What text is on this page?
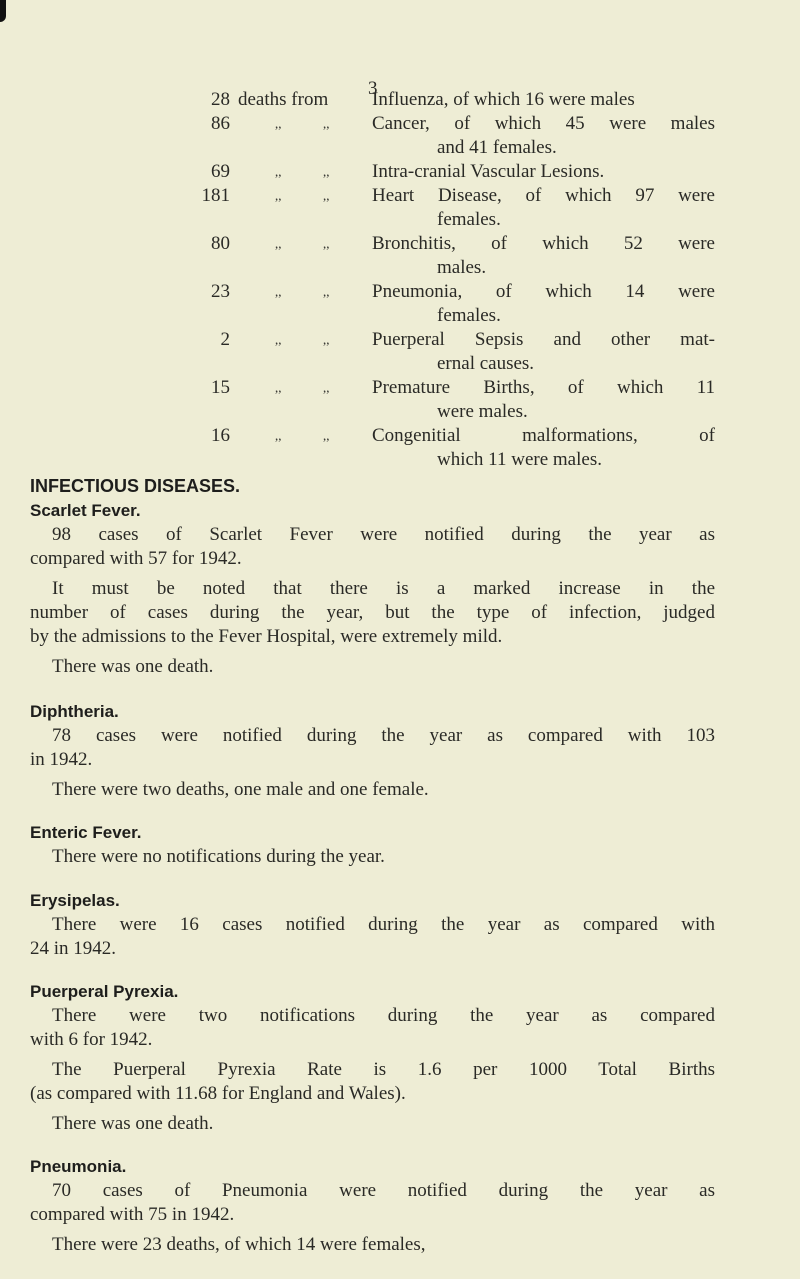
3
28 deaths from Influenza, of which 16 were males
86	,,	,, Cancer, of which 45 were males
and 41 females.
69	,,	,, Intra-cranial Vascular Lesions.
181	,,	,, Heart Disease, of which 97 were
females.
80	,,	,, Bronchitis, of which 52 were
males.
23	,,	,, Pneumonia, of which 14 were
females.
2	,,	,, Puerperal Sepsis and other mat-
ernal causes.
15	,,	,, Premature Births, of which 11
were males.
16	,,	,, Congenitial malformations, of
which 11 were males.
INFECTIOUS DISEASES.
Scarlet Fever.
98 cases of Scarlet Fever were notified during the year as
compared with 57 for 1942.
It must be noted that there is a marked increase in the
number of cases during the year, but the type of infection, judged
by the admissions to the Fever Hospital, were extremely mild.
There was one death.
Diphtheria.
78 cases were notified during the year as compared with 103
in 1942.
There were two deaths, one male and one female.
Enteric Fever.
There were no notifications during the year.
Erysipelas.
There were 16 cases notified during the year as compared with
24 in 1942.
Puerperal Pyrexia.
There were two notifications during the year as compared
with 6 for 1942.
The Puerperal Pyrexia Rate is 1.6 per 1000 Total Births
(as compared with 11.68 for England and Wales).
There was one death.
Pneumonia.
70 cases of Pneumonia were notified during the year as
compared with 75 in 1942.
There were 23 deaths, of which 14 were females,
